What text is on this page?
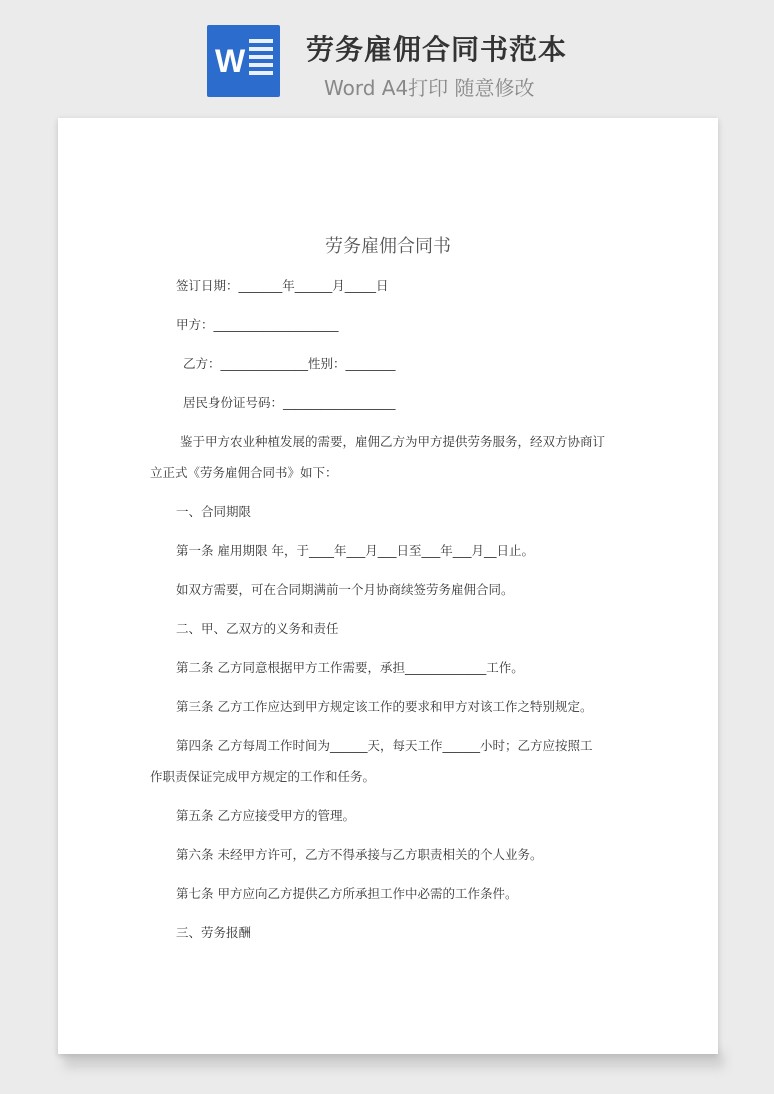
W 劳务雇佣合同书范本
Word A4打印 随意修改
劳务雇佣合同书
签订日期：_______年______月_____日
甲方：____________________
乙方：______________性别：________
居民身份证号码：__________________
鉴于甲方农业种植发展的需要，雇佣乙方为甲方提供劳务服务，经双方协商订
立正式《劳务雇佣合同书》如下：
一、合同期限
第一条 雇用期限 年，于____年___月___日至___年___月__日止。
如双方需要，可在合同期满前一个月协商续签劳务雇佣合同。
二、甲、乙双方的义务和责任
第二条 乙方同意根据甲方工作需要，承担_____________工作。
第三条 乙方工作应达到甲方规定该工作的要求和甲方对该工作之特别规定。
第四条 乙方每周工作时间为______天，每天工作______小时；乙方应按照工
作职责保证完成甲方规定的工作和任务。
第五条 乙方应接受甲方的管理。
第六条 未经甲方许可，乙方不得承接与乙方职责相关的个人业务。
第七条 甲方应向乙方提供乙方所承担工作中必需的工作条件。
三、劳务报酬
